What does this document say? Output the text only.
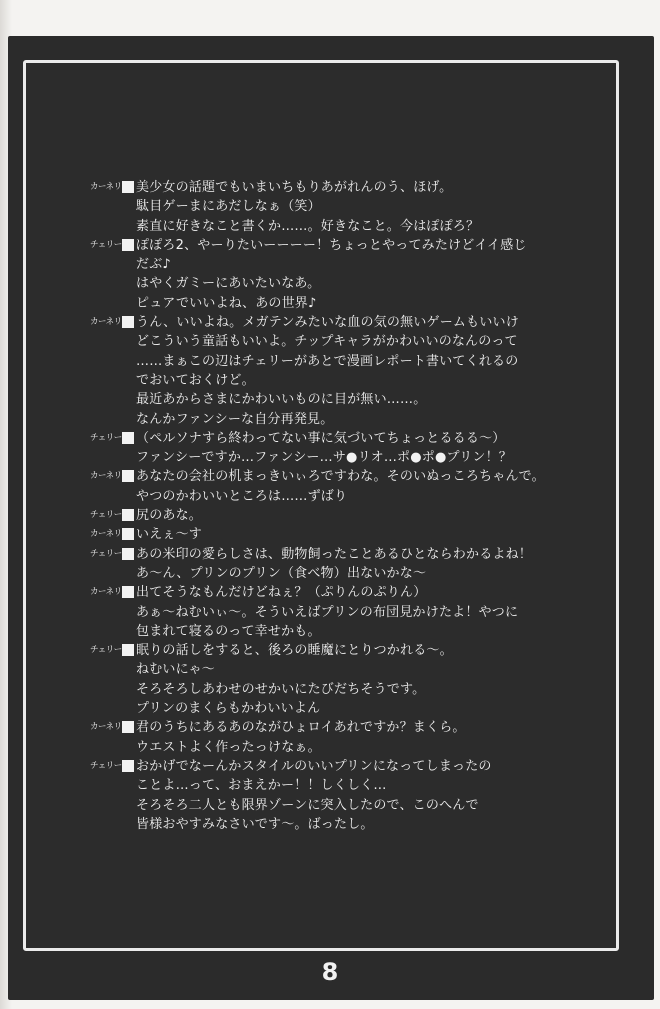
カーネリ 美少女の話題でもいまいちもりあがれんのう、ほげ。
駄目ゲーまにあだしなぁ（笑）
素直に好きなこと書くか……。好きなこと。今はぽぽろ？
チェリー ぽぽろ2、やーりたいーーーー！ちょっとやってみたけどイイ感じ
だぶ♪
はやくガミーにあいたいなあ。
ピュアでいいよね、あの世界♪
カーネリ うん、いいよね。メガテンみたいな血の気の無いゲームもいいけ
どこういう童話もいいよ。チップキャラがかわいいのなんのって
……まぁこの辺はチェリーがあとで漫画レポート書いてくれるの
でおいておくけど。
最近あからさまにかわいいものに目が無い……。
なんかファンシーな自分再発見。
チェリー （ペルソナすら終わってない事に気づいてちょっとるるる～）
ファンシーですか…ファンシー…サ●リオ…ポ●ポ●プリン！？
カーネリ あなたの会社の机まっきいぃろですわな。そのいぬっころちゃんで。
やつのかわいいところは……ずばり
チェリー 尻のあな。
カーネリ いえぇ～す
チェリー あの米印の愛らしさは、動物飼ったことあるひとならわかるよね！
あ～ん、プリンのプリン（食べ物）出ないかな～
カーネリ 出てそうなもんだけどねぇ？（ぷりんのぷりん）
あぁ～ねむいぃ～。そういえばプリンの布団見かけたよ！やつに
包まれて寝るのって幸せかも。
チェリー 眠りの話しをすると、後ろの睡魔にとりつかれる～。
ねむいにゃ～
そろそろしあわせのせかいにたびだちそうです。
プリンのまくらもかわいいよん
カーネリ 君のうちにあるあのながひょロイあれですか？まくら。
ウエストよく作ったっけなぁ。
チェリー おかげでなーんかスタイルのいいプリンになってしまったの
ことよ…って、おまえかー！！しくしく…
そろそろ二人とも限界ゾーンに突入したので、このへんで
皆様おやすみなさいです～。ばったし。
8
